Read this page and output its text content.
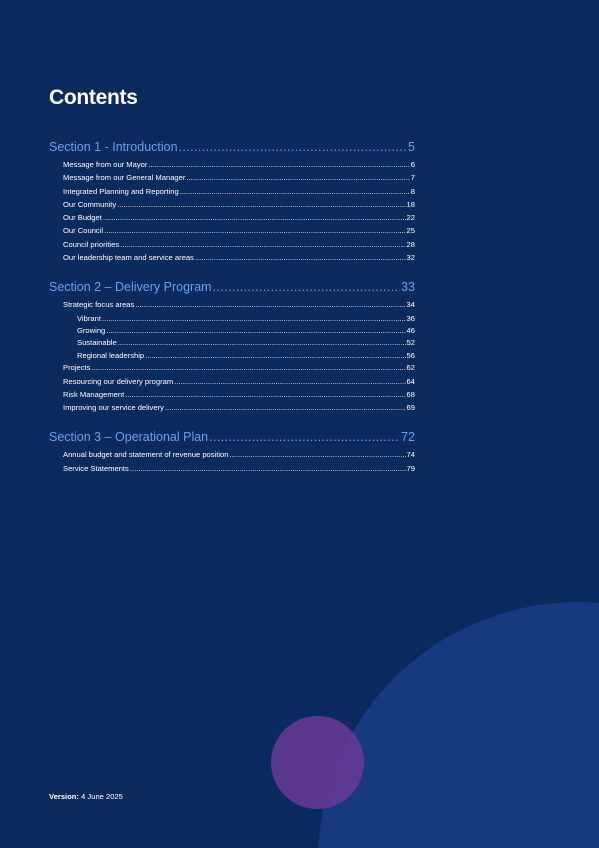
Contents
Section 1 - Introduction .....	5
Message from our Mayor .....	6
Message from our General Manager .....	7
Integrated Planning and Reporting .....	8
Our Community .....	18
Our Budget .....	22
Our Council .....	25
Council priorities .....	28
Our leadership team and service areas .....	32
Section 2 – Delivery Program .....	33
Strategic focus areas .....	34
Vibrant .....	36
Growing .....	46
Sustainable .....	52
Regional leadership .....	56
Projects .....	62
Resourcing our delivery program .....	64
Risk Management .....	68
Improving our service delivery .....	69
Section 3 – Operational Plan .....	72
Annual budget and statement of revenue position .....	74
Service Statements .....	79
Version: 4 June 2025
